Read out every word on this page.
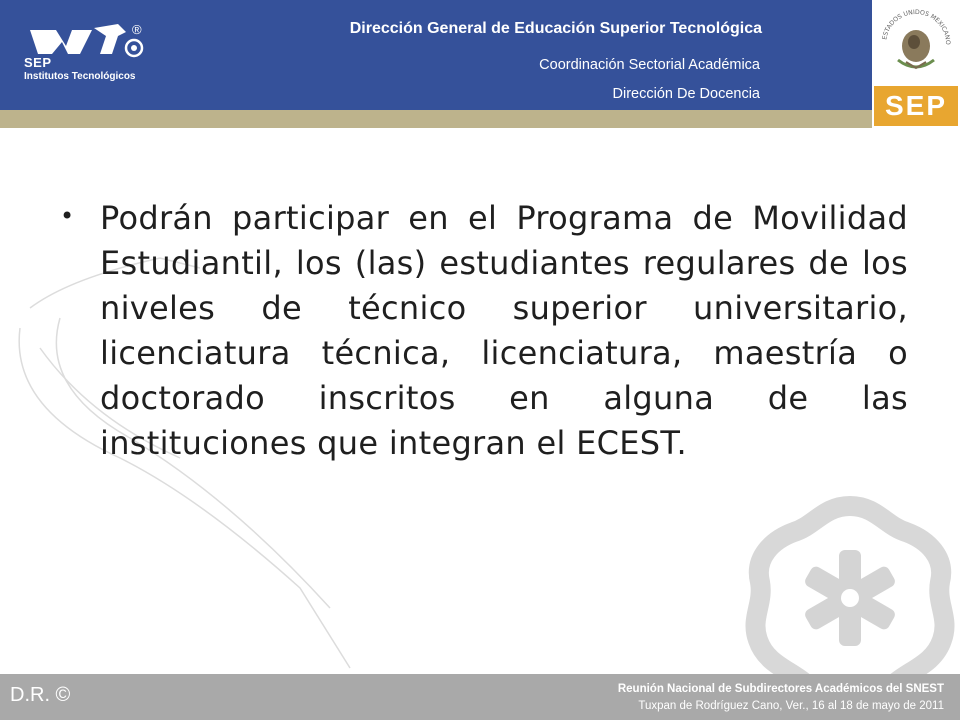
®
SEP
Institutos Tecnológicos
Dirección General de Educación Superior Tecnológica
Coordinación Sectorial Académica
Dirección De Docencia
ESTADOS UNIDOS MEXICANO
SEP
• Podrán participar en el Programa de Movilidad Estudiantil, los (las) estudiantes regulares de los niveles de técnico superior universitario, licenciatura técnica, licenciatura, maestría o doctorado inscritos en alguna de las instituciones que integran el ECEST.

D.R. ©	Reunión Nacional de Subdirectores Académicos del SNEST
Tuxpan de Rodríguez Cano, Ver., 16 al 18 de mayo de 2011
